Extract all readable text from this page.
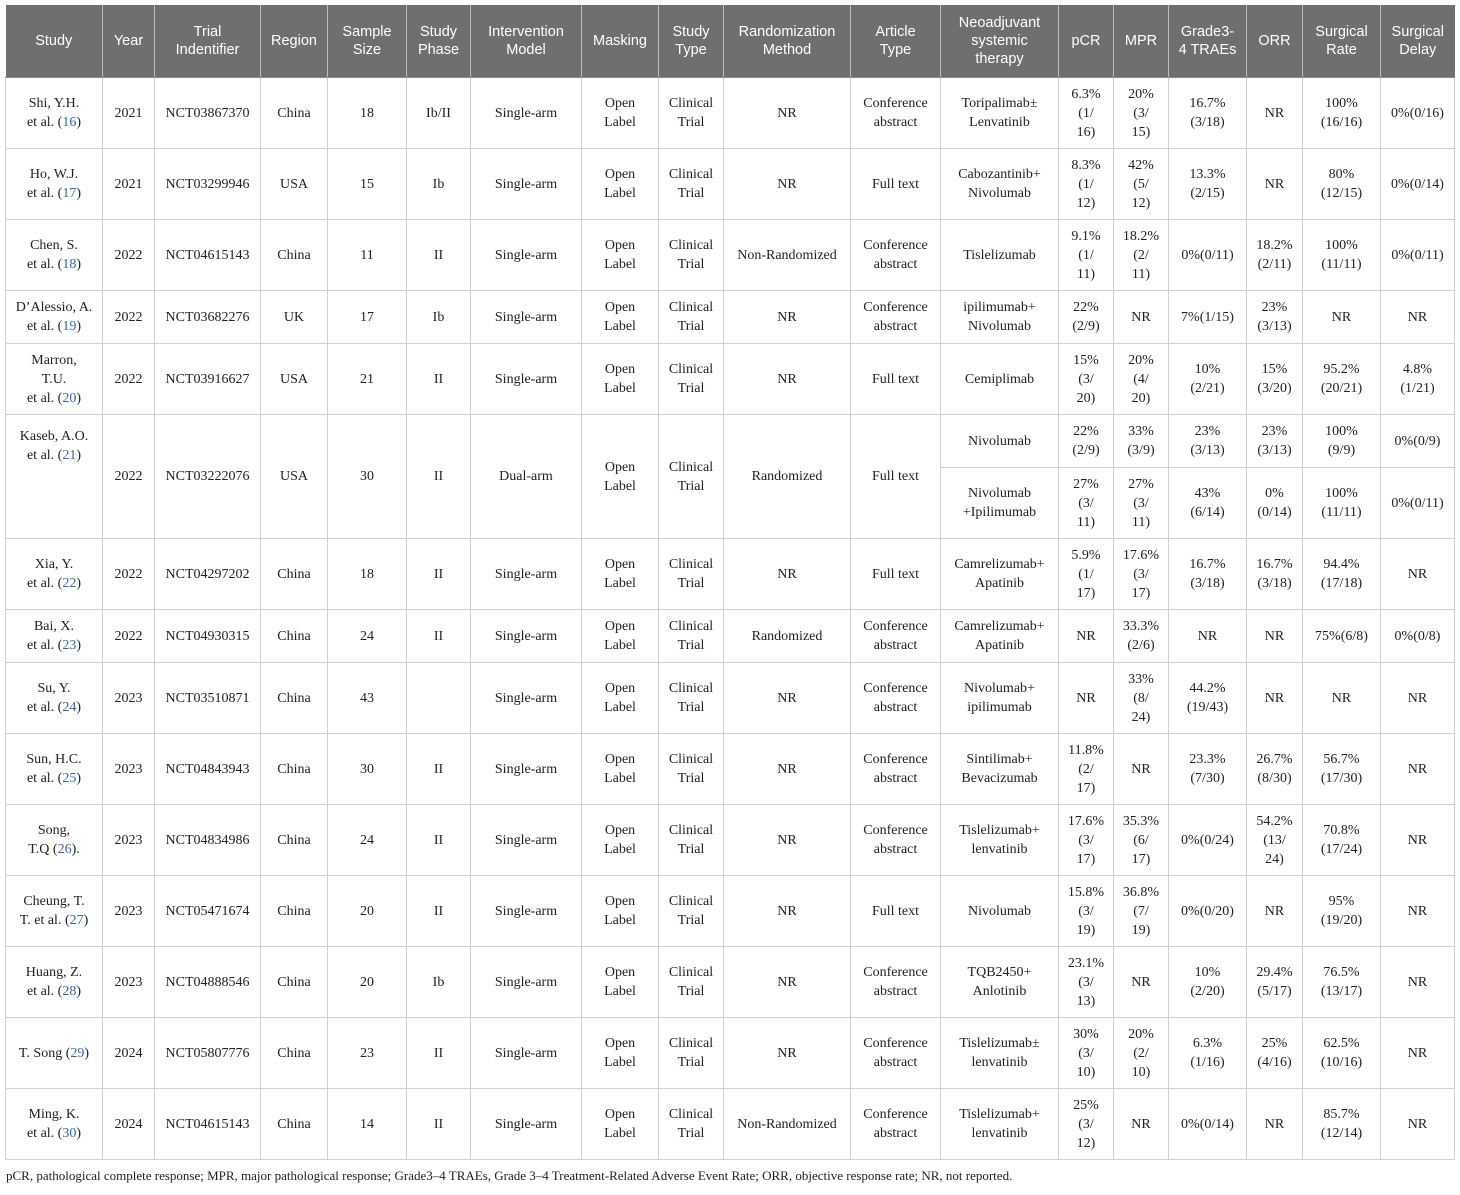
Study	Year	Trial
Indentifier	Region	Sample
Size	Study
Phase	Intervention
Model	Masking	Study
Type	Randomization
Method	Article
Type	Neoadjuvant
systemic
therapy	pCR	MPR	Grade3-
4 TRAEs	ORR	Surgical
Rate	Surgical
Delay

Shi, Y.H.
et al. (16)	2021	NCT03867370	China	18	Ib/II	Single-arm	Open
Label	Clinical
Trial	NR	Conference
abstract	Toripalimab±
Lenvatinib	6.3%
(1/
16)	20%
(3/
15)	16.7%
(3/18)	NR	100%
(16/16)	0%(0/16)

Ho, W.J.
et al. (17)	2021	NCT03299946	USA	15	Ib	Single-arm	Open
Label	Clinical
Trial	NR	Full text	Cabozantinib+
Nivolumab	8.3%
(1/
12)	42%
(5/
12)	13.3%
(2/15)	NR	80%
(12/15)	0%(0/14)

Chen, S.
et al. (18)	2022	NCT04615143	China	11	II	Single-arm	Open
Label	Clinical
Trial	Non-Randomized	Conference
abstract	Tislelizumab	9.1%
(1/
11)	18.2%
(2/
11)	0%(0/11)	18.2%
(2/11)	100%
(11/11)	0%(0/11)

D’Alessio, A.
et al. (19)	2022	NCT03682276	UK	17	Ib	Single-arm	Open
Label	Clinical
Trial	NR	Conference
abstract	ipilimumab+
Nivolumab	22%
(2/9)	NR	7%(1/15)	23%
(3/13)	NR	NR

Marron,
T.U.
et al. (20)	2022	NCT03916627	USA	21	II	Single-arm	Open
Label	Clinical
Trial	NR	Full text	Cemiplimab	15%
(3/
20)	20%
(4/
20)	10%
(2/21)	15%
(3/20)	95.2%
(20/21)	4.8%
(1/21)

Kaseb, A.O.
et al. (21)	2022	NCT03222076	USA	30	II	Dual-arm	Open
Label	Clinical
Trial	Randomized	Full text	Nivolumab	22%
(2/9)	33%
(3/9)	23%
(3/13)	23%
(3/13)	100%
(9/9)	0%(0/9)

											Nivolumab
+Ipilimumab	27%
(3/
11)	27%
(3/
11)	43%
(6/14)	0%
(0/14)	100%
(11/11)	0%(0/11)

Xia, Y.
et al. (22)	2022	NCT04297202	China	18	II	Single-arm	Open
Label	Clinical
Trial	NR	Full text	Camrelizumab+
Apatinib	5.9%
(1/
17)	17.6%
(3/
17)	16.7%
(3/18)	16.7%
(3/18)	94.4%
(17/18)	NR

Bai, X.
et al. (23)	2022	NCT04930315	China	24	II	Single-arm	Open
Label	Clinical
Trial	Randomized	Conference
abstract	Camrelizumab+
Apatinib	NR	33.3%
(2/6)	NR	NR	75%(6/8)	0%(0/8)

Su, Y.
et al. (24)	2023	NCT03510871	China	43		Single-arm	Open
Label	Clinical
Trial	NR	Conference
abstract	Nivolumab+
ipilimumab	NR	33%
(8/
24)	44.2%
(19/43)	NR	NR	NR

Sun, H.C.
et al. (25)	2023	NCT04843943	China	30	II	Single-arm	Open
Label	Clinical
Trial	NR	Conference
abstract	Sintilimab+
Bevacizumab	11.8%
(2/
17)	NR	23.3%
(7/30)	26.7%
(8/30)	56.7%
(17/30)	NR

Song,
T.Q (26).	2023	NCT04834986	China	24	II	Single-arm	Open
Label	Clinical
Trial	NR	Conference
abstract	Tislelizumab+
lenvatinib	17.6%
(3/
17)	35.3%
(6/
17)	0%(0/24)	54.2%
(13/
24)	70.8%
(17/24)	NR

Cheung, T.
T. et al. (27)	2023	NCT05471674	China	20	II	Single-arm	Open
Label	Clinical
Trial	NR	Full text	Nivolumab	15.8%
(3/
19)	36.8%
(7/
19)	0%(0/20)	NR	95%
(19/20)	NR

Huang, Z.
et al. (28)	2023	NCT04888546	China	20	Ib	Single-arm	Open
Label	Clinical
Trial	NR	Conference
abstract	TQB2450+
Anlotinib	23.1%
(3/
13)	NR	10%
(2/20)	29.4%
(5/17)	76.5%
(13/17)	NR

T. Song (29)	2024	NCT05807776	China	23	II	Single-arm	Open
Label	Clinical
Trial	NR	Conference
abstract	Tislelizumab±
lenvatinib	30%
(3/
10)	20%
(2/
10)	6.3%
(1/16)	25%
(4/16)	62.5%
(10/16)	NR

Ming, K.
et al. (30)	2024	NCT04615143	China	14	II	Single-arm	Open
Label	Clinical
Trial	Non-Randomized	Conference
abstract	Tislelizumab+
lenvatinib	25%
(3/
12)	NR	0%(0/14)	NR	85.7%
(12/14)	NR
pCR, pathological complete response; MPR, major pathological response; Grade3–4 TRAEs, Grade 3–4 Treatment-Related Adverse Event Rate; ORR, objective response rate; NR, not reported.
